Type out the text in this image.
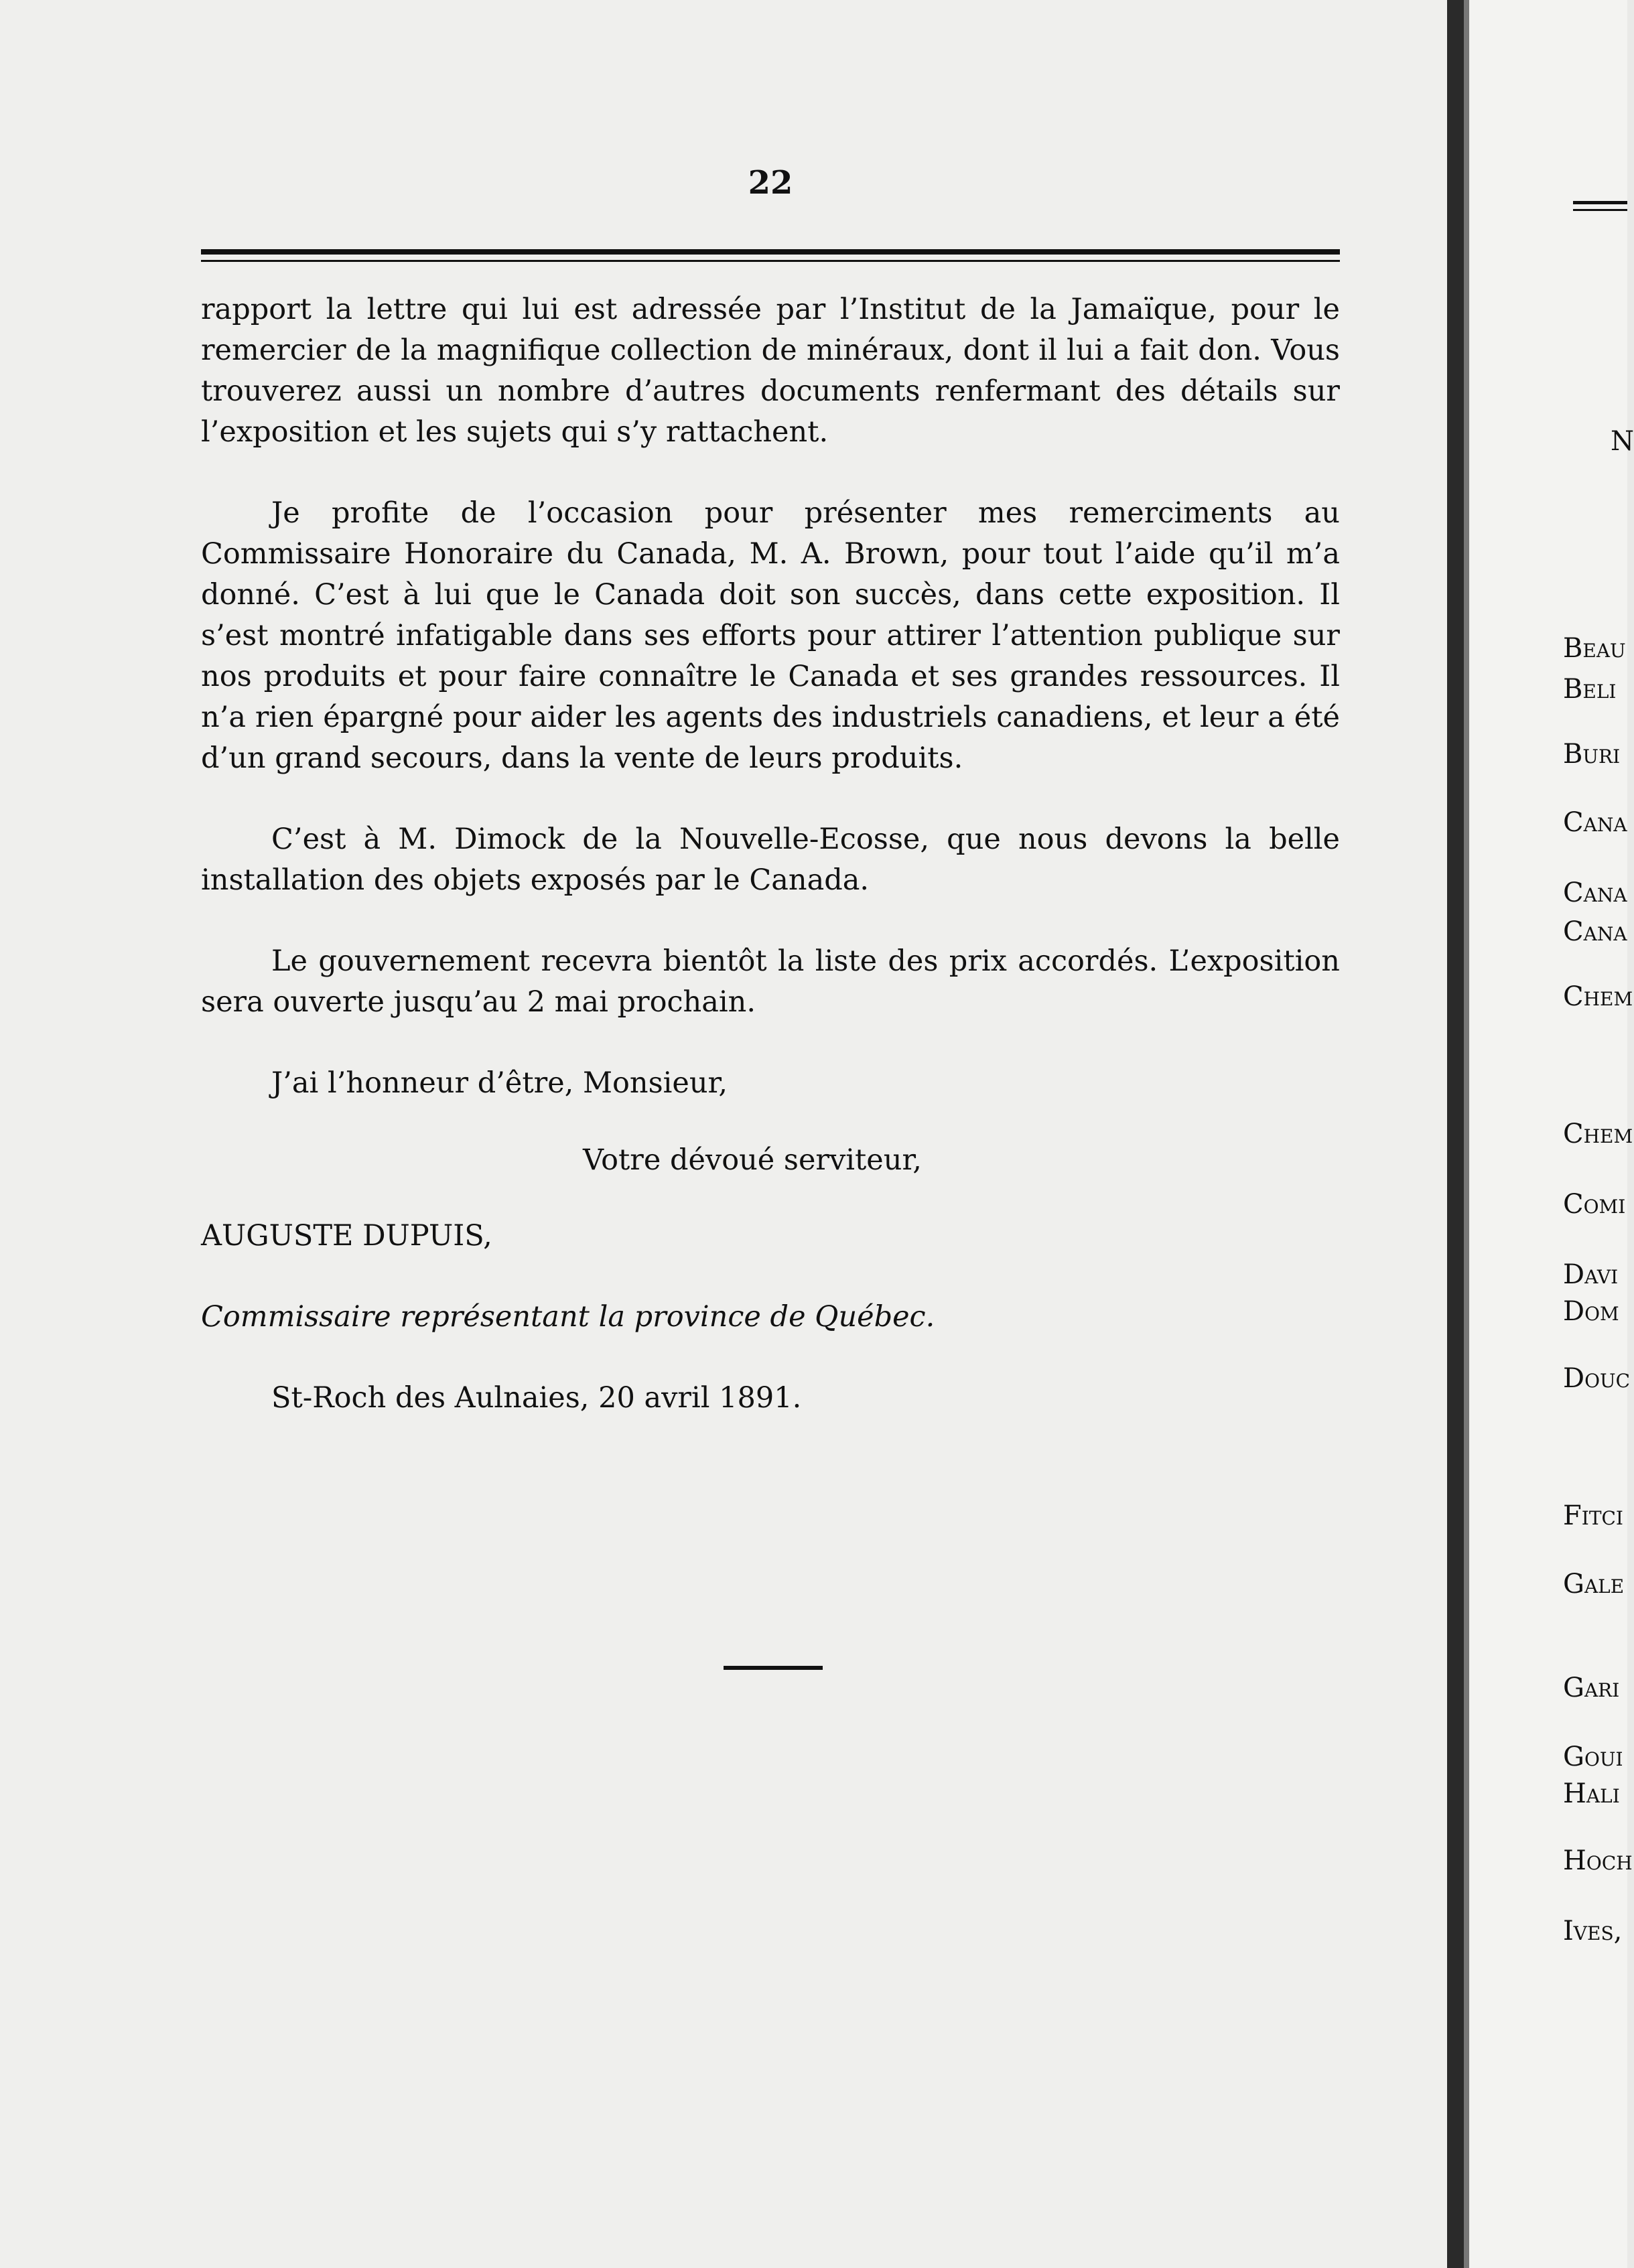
22

rapport la lettre qui lui est adressée par l’Institut de la Jamaïque, pour le remercier de la magnifique collection de minéraux, dont il lui a fait don. Vous trouverez aussi un nombre d’autres documents renfermant des détails sur l’exposition et les sujets qui s’y rattachent.

Je profite de l’occasion pour présenter mes remerciments au Commissaire Honoraire du Canada, M. A. Brown, pour tout l’aide qu’il m’a donné. C’est à lui que le Canada doit son succès, dans cette exposition. Il s’est montré infatigable dans ses efforts pour attirer l’attention publique sur nos produits et pour faire connaître le Canada et ses grandes ressources. Il n’a rien épargné pour aider les agents des industriels canadiens, et leur a été d’un grand secours, dans la vente de leurs produits.

C’est à M. Dimock de la Nouvelle-Ecosse, que nous devons la belle installation des objets exposés par le Canada.

Le gouvernement recevra bientôt la liste des prix accordés. L’exposition sera ouverte jusqu’au 2 mai prochain.

J’ai l’honneur d’être, Monsieur,
Votre dévoué serviteur,

AUGUSTE DUPUIS,

Commissaire représentant la province de Québec.

St-Roch des Aulnaies, 20 avril 1891.
N
Beau
Beli
Buri
Cana
Cana
Cana
Chem
Chem
Comi
Davi
Dom
Douc
Fitci
Gale
Gari
Goui
Hali
Hoch
Ives,
